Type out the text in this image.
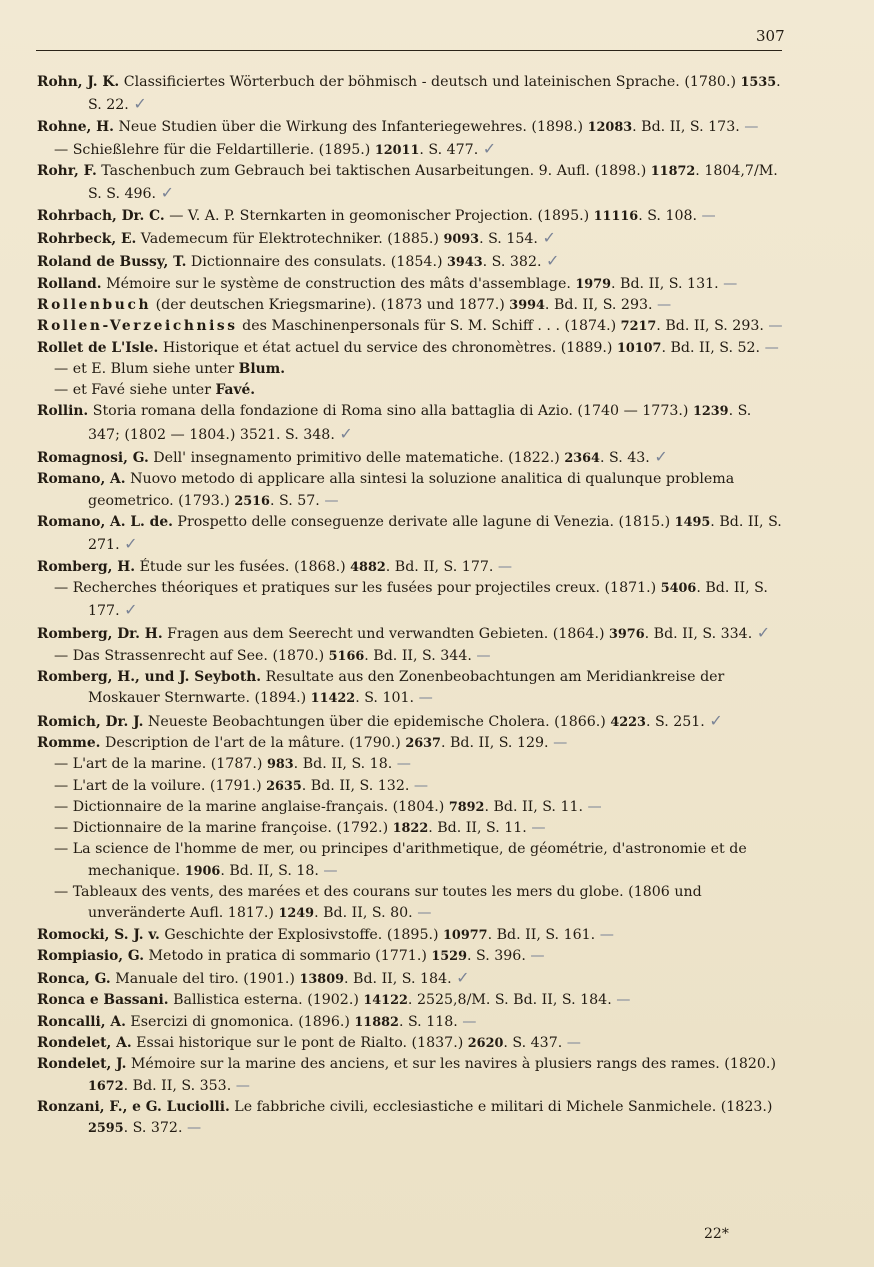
307

Rohn, J. K. Classificiertes Wörterbuch der böhmisch - deutsch und lateinischen Sprache. (1780.) 1535. S. 22. ✓

Rohne, H. Neue Studien über die Wirkung des Infanteriegewehres. (1898.) 12083. Bd. II, S. 173. —

— Schießlehre für die Feldartillerie. (1895.) 12011. S. 477. ✓

Rohr, F. Taschenbuch zum Gebrauch bei taktischen Ausarbeitungen. 9. Aufl. (1898.) 11872. 1804,7/M. S. S. 496. ✓

Rohrbach, Dr. C. — V. A. P. Sternkarten in geomonischer Projection. (1895.) 11116. S. 108. —

Rohrbeck, E. Vademecum für Elektrotechniker. (1885.) 9093. S. 154. ✓

Roland de Bussy, T. Dictionnaire des consulats. (1854.) 3943. S. 382. ✓

Rolland. Mémoire sur le système de construction des mâts d'assemblage. 1979. Bd. II, S. 131. —

Rollenbuch (der deutschen Kriegsmarine). (1873 und 1877.) 3994. Bd. II, S. 293. —

Rollen-Verzeichniss des Maschinenpersonals für S. M. Schiff . . . (1874.) 7217. Bd. II, S. 293. —

Rollet de L'Isle. Historique et état actuel du service des chronomètres. (1889.) 10107. Bd. II, S. 52. —

— et E. Blum siehe unter Blum.

— et Favé siehe unter Favé.

Rollin. Storia romana della fondazione di Roma sino alla battaglia di Azio. (1740 — 1773.) 1239. S. 347; (1802 — 1804.) 3521. S. 348. ✓

Romagnosi, G. Dell' insegnamento primitivo delle matematiche. (1822.) 2364. S. 43. ✓

Romano, A. Nuovo metodo di applicare alla sintesi la soluzione analitica di qualunque problema geometrico. (1793.) 2516. S. 57. —

Romano, A. L. de. Prospetto delle conseguenze derivate alle lagune di Venezia. (1815.) 1495. Bd. II, S. 271. ✓

Romberg, H. Étude sur les fusées. (1868.) 4882. Bd. II, S. 177. —

— Recherches théoriques et pratiques sur les fusées pour projectiles creux. (1871.) 5406. Bd. II, S. 177. ✓

Romberg, Dr. H. Fragen aus dem Seerecht und verwandten Gebieten. (1864.) 3976. Bd. II, S. 334. ✓

— Das Strassenrecht auf See. (1870.) 5166. Bd. II, S. 344. —

Romberg, H., und J. Seyboth. Resultate aus den Zonenbeobachtungen am Meridiankreise der Moskauer Sternwarte. (1894.) 11422. S. 101. —

Romich, Dr. J. Neueste Beobachtungen über die epidemische Cholera. (1866.) 4223. S. 251. ✓

Romme. Description de l'art de la mâture. (1790.) 2637. Bd. II, S. 129. —

— L'art de la marine. (1787.) 983. Bd. II, S. 18. —

— L'art de la voilure. (1791.) 2635. Bd. II, S. 132. —

— Dictionnaire de la marine anglaise-français. (1804.) 7892. Bd. II, S. 11. —

— Dictionnaire de la marine françoise. (1792.) 1822. Bd. II, S. 11. —

— La science de l'homme de mer, ou principes d'arithmetique, de géométrie, d'astronomie et de mechanique. 1906. Bd. II, S. 18. —

— Tableaux des vents, des marées et des courans sur toutes les mers du globe. (1806 und unveränderte Aufl. 1817.) 1249. Bd. II, S. 80. —

Romocki, S. J. v. Geschichte der Explosivstoffe. (1895.) 10977. Bd. II, S. 161. —

Rompiasio, G. Metodo in pratica di sommario (1771.) 1529. S. 396. —

Ronca, G. Manuale del tiro. (1901.) 13809. Bd. II, S. 184. ✓

Ronca e Bassani. Ballistica esterna. (1902.) 14122. 2525,8/M. S. Bd. II, S. 184. —

Roncalli, A. Esercizi di gnomonica. (1896.) 11882. S. 118. —

Rondelet, A. Essai historique sur le pont de Rialto. (1837.) 2620. S. 437. —

Rondelet, J. Mémoire sur la marine des anciens, et sur les navires à plusiers rangs des rames. (1820.) 1672. Bd. II, S. 353. —

Ronzani, F., e G. Luciolli. Le fabbriche civili, ecclesiastiche e militari di Michele Sanmichele. (1823.) 2595. S. 372. —

22*
